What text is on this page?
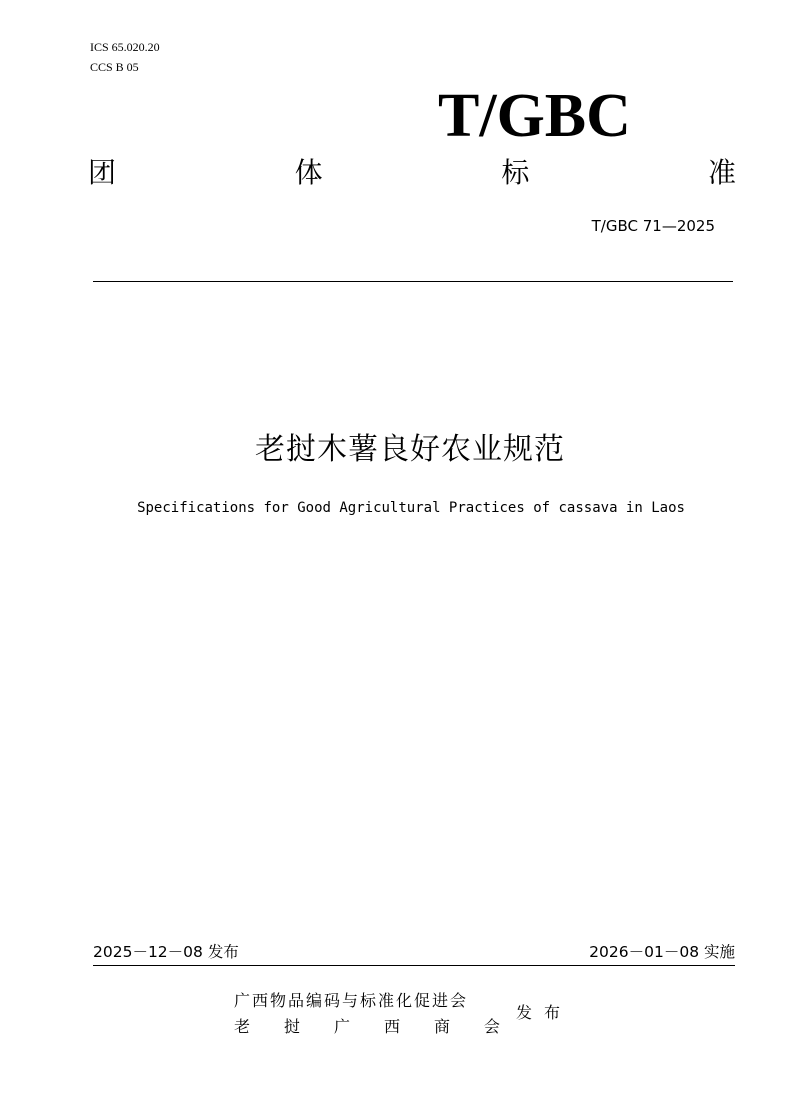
ICS 65.020.20
CCS B 05
T/GBC
团	体	标	准
T/GBC 71—2025
老挝木薯良好农业规范
Specifications for Good Agricultural Practices of cassava in Laos
2025－12－08 发布	2026－01－08 实施
广西物品编码与标准化促进会
老 挝 广 西 商 会
发布
